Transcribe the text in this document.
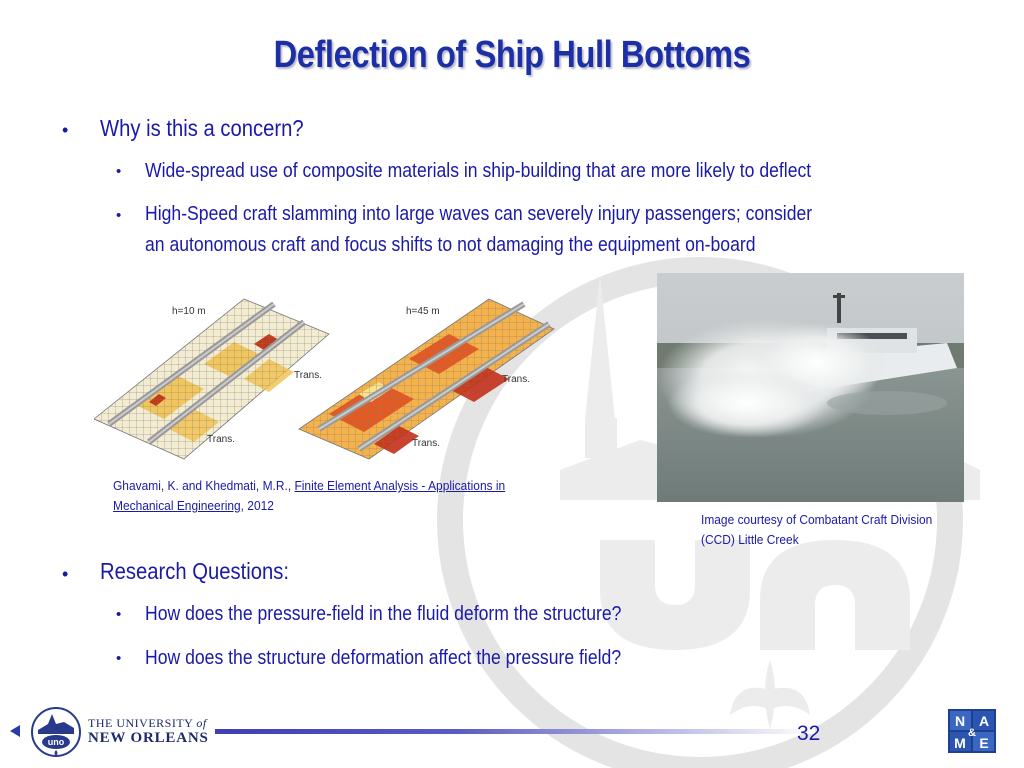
Deflection of Ship Hull Bottoms
• Why is this a concern?
• Wide-spread use of composite materials in ship-building that are more likely to deflect
• High-Speed craft slamming into large waves can severely injury passengers; consider
an autonomous craft and focus shifts to not damaging the equipment on-board
h=10 m
Trans.
Trans.
h=45 m
Trans.
Trans.
Ghavami, K. and Khedmati, M.R., Finite Element Analysis - Applications in
Mechanical Engineering, 2012
Image courtesy of Combatant Craft Division
(CCD) Little Creek
• Research Questions:
• How does the pressure-field in the fluid deform the structure?
• How does the structure deformation affect the pressure field?
uno
THE UNIVERSITY of
NEW ORLEANS	32
N A
&
M E
